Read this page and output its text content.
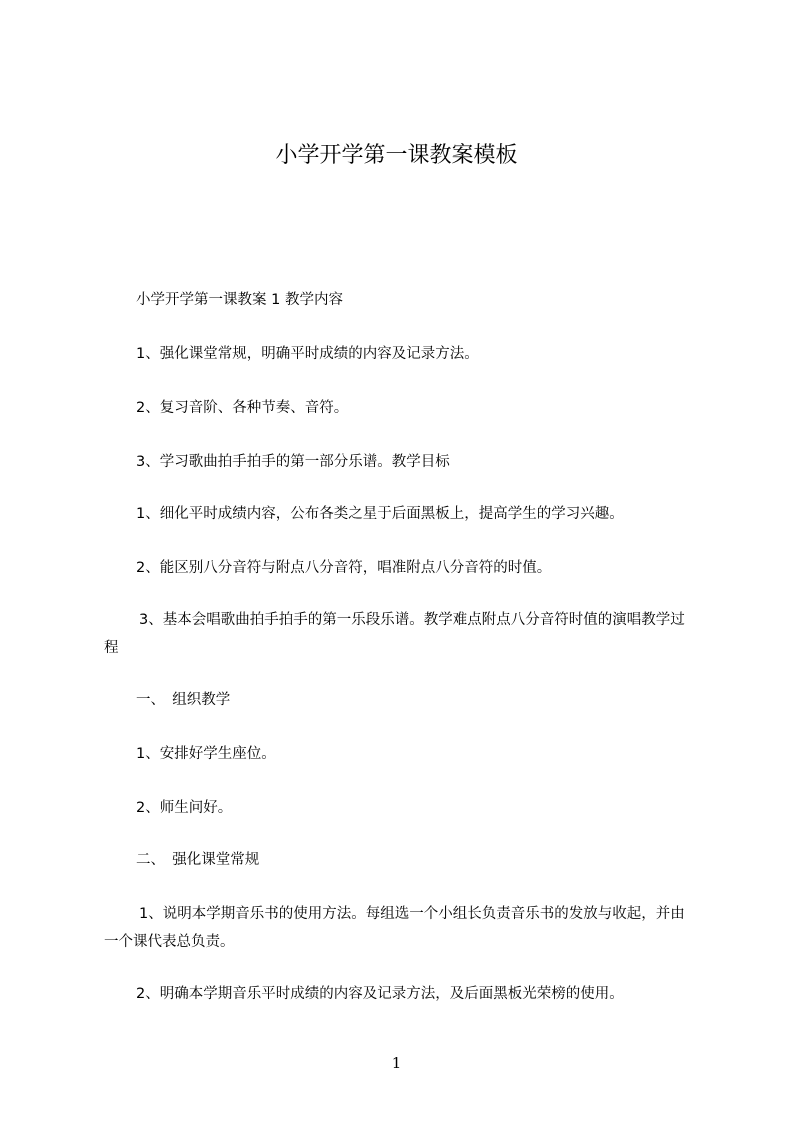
小学开学第一课教案模板

小学开学第一课教案 1 教学内容

1、强化课堂常规，明确平时成绩的内容及记录方法。

2、复习音阶、各种节奏、音符。

3、学习歌曲拍手拍手的第一部分乐谱。教学目标

1、细化平时成绩内容，公布各类之星于后面黑板上，提高学生的学习兴趣。

2、能区别八分音符与附点八分音符，唱准附点八分音符的时值。

3、基本会唱歌曲拍手拍手的第一乐段乐谱。教学难点附点八分音符时值的演唱教学过程

一、　组织教学

1、安排好学生座位。

2、师生问好。

二、　强化课堂常规

1、说明本学期音乐书的使用方法。每组选一个小组长负责音乐书的发放与收起，并由一个课代表总负责。

2、明确本学期音乐平时成绩的内容及记录方法，及后面黑板光荣榜的使用。

1
